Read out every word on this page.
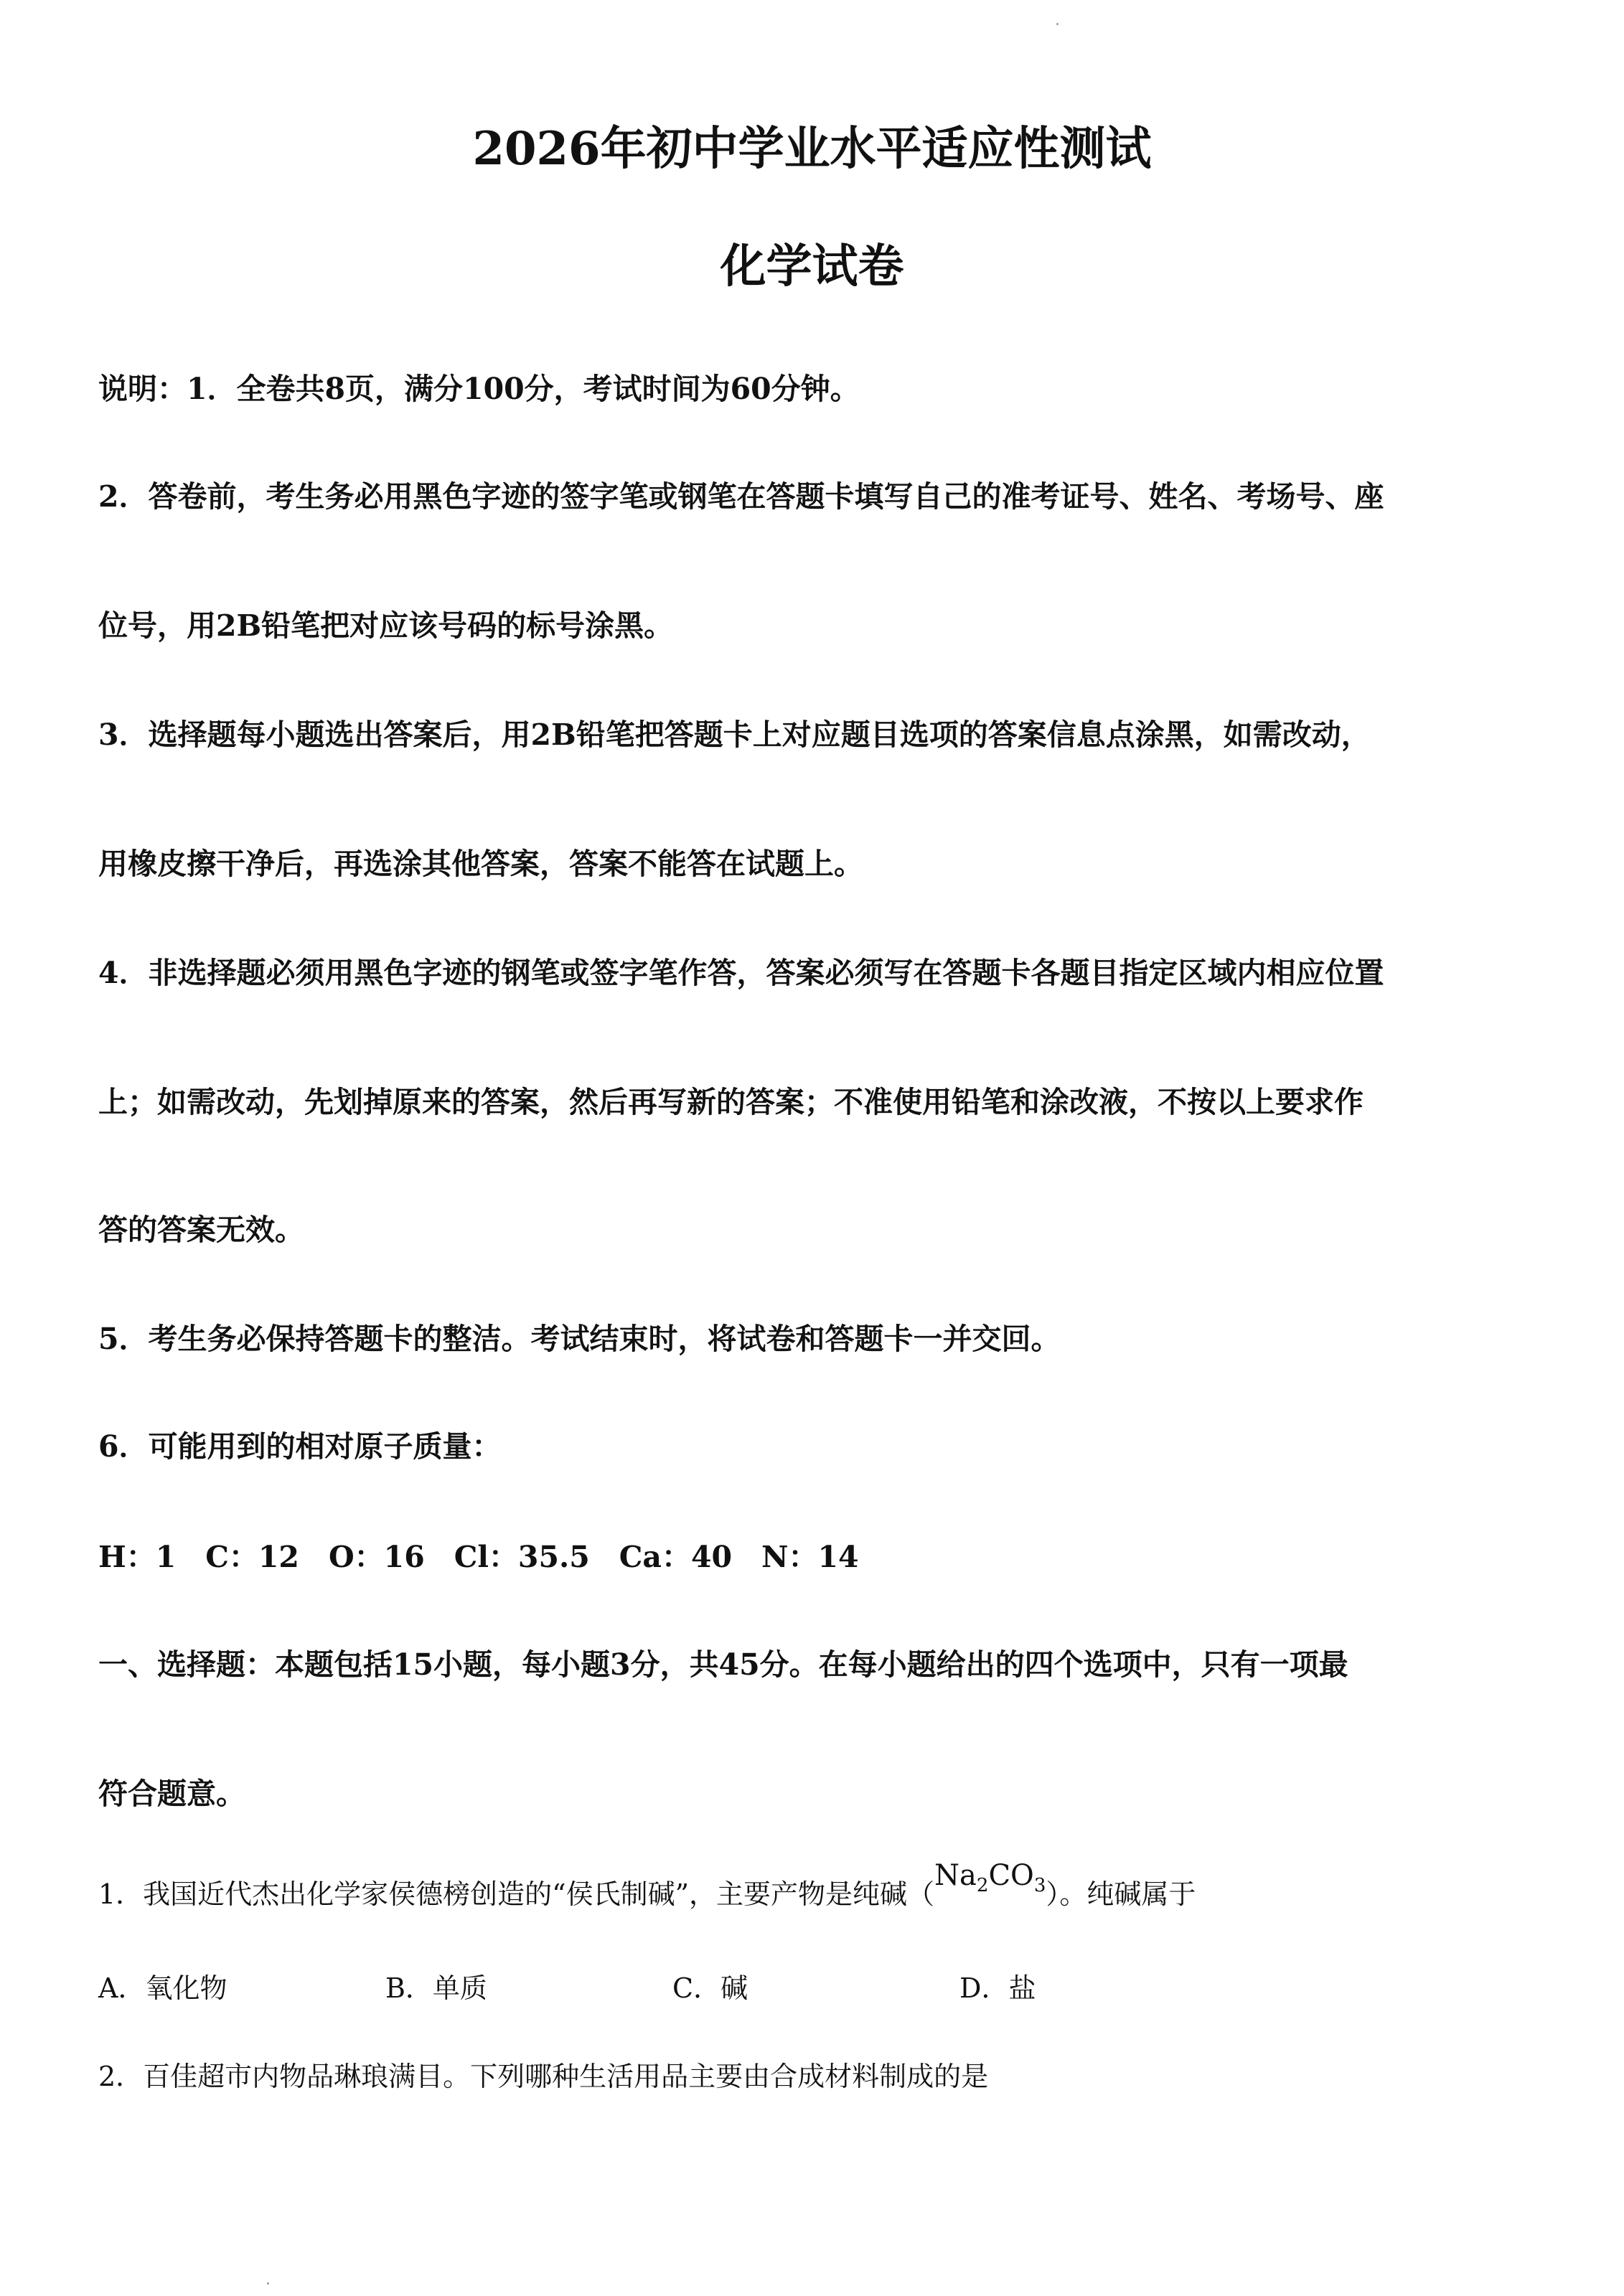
2026年初中学业水平适应性测试
化学试卷
说明：1．全卷共8页，满分100分，考试时间为60分钟。
2．答卷前，考生务必用黑色字迹的签字笔或钢笔在答题卡填写自己的准考证号、姓名、考场号、座
位号，用2B铅笔把对应该号码的标号涂黑。
3．选择题每小题选出答案后，用2B铅笔把答题卡上对应题目选项的答案信息点涂黑，如需改动，
用橡皮擦干净后，再选涂其他答案，答案不能答在试题上。
4．非选择题必须用黑色字迹的钢笔或签字笔作答，答案必须写在答题卡各题目指定区域内相应位置
上；如需改动，先划掉原来的答案，然后再写新的答案；不准使用铅笔和涂改液，不按以上要求作
答的答案无效。
5．考生务必保持答题卡的整洁。考试结束时，将试卷和答题卡一并交回。
6．可能用到的相对原子质量：
H：1　C：12　O：16　Cl：35.5　Ca：40　N：14
一、选择题：本题包括15小题，每小题3分，共45分。在每小题给出的四个选项中，只有一项最
符合题意。
1．我国近代杰出化学家侯德榜创造的“侯氏制碱”，主要产物是纯碱$(Na_2CO_3)$。纯碱属于
A．氧化物	B．单质	C．碱	D．盐
2．百佳超市内物品琳琅满目。下列哪种生活用品主要由合成材料制成的是
